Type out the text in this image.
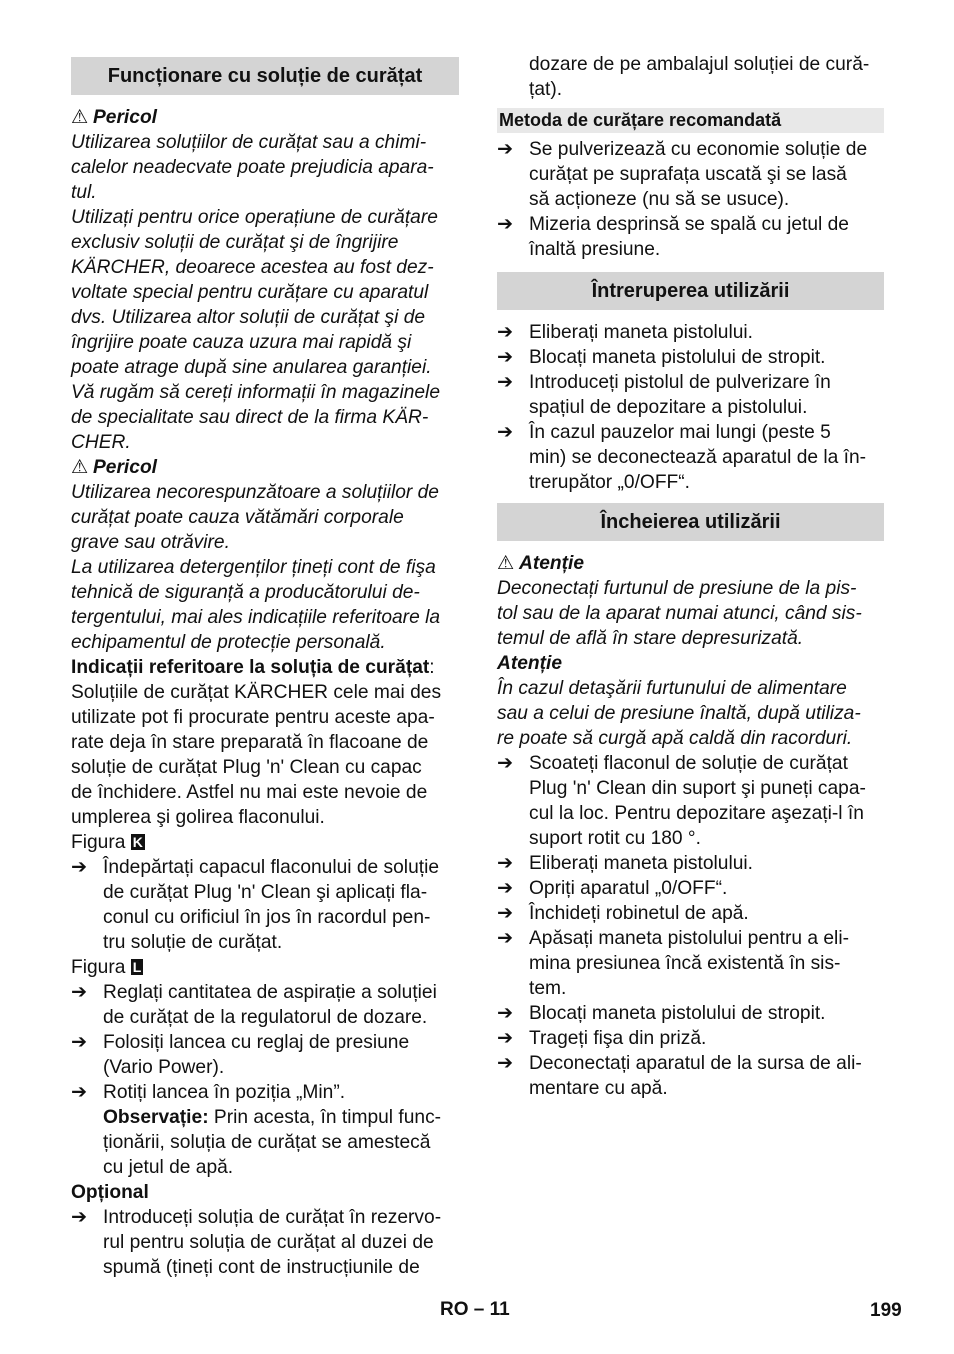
Funcționare cu soluție de curățat
⚠ Pericol
Utilizarea soluțiilor de curățat sau a chimi-
calelor neadecvate poate prejudicia apara-
tul.
Utilizați pentru orice operațiune de curățare
exclusiv soluții de curățat şi de îngrijire
KÄRCHER, deoarece acestea au fost dez-
voltate special pentru curățare cu aparatul
dvs. Utilizarea altor soluții de curățat şi de
îngrijire poate cauza uzura mai rapidă şi
poate atrage după sine anularea garanției.
Vă rugăm să cereți informații în magazinele
de specialitate sau direct de la firma KÄR-
CHER.
⚠ Pericol
Utilizarea necorespunzătoare a soluțiilor de
curățat poate cauza vătămări corporale
grave sau otrăvire.
La utilizarea detergenților țineți cont de fişa
tehnică de siguranță a producătorului de-
tergentului, mai ales indicațiile referitoare la
echipamentul de protecție personală.

Indicații referitoare la soluția de curățat:

Soluțiile de curățat KÄRCHER cele mai des
utilizate pot fi procurate pentru aceste apa-
rate deja în stare preparată în flacoane de
soluție de curățat Plug 'n' Clean cu capac
de închidere. Astfel nu mai este nevoie de
umplerea şi golirea flaconului.

Figura K

➔ Îndepărtați capacul flaconului de soluție
de curățat Plug 'n' Clean şi aplicați fla-
conul cu orificiul în jos în racordul pen-
tru soluție de curățat.

Figura L

➔ Reglați cantitatea de aspirație a soluției
de curățat de la regulatorul de dozare.
➔ Folosiți lancea cu reglaj de presiune
(Vario Power).
➔ Rotiți lancea în poziția „Min”.
Observație: Prin acesta, în timpul func-
ționării, soluția de curățat se amestecă
cu jetul de apă.

Opțional

➔ Introduceți soluția de curățat în rezervo-
rul pentru soluția de curățat al duzei de
spumă (țineți cont de instrucțiunile de
dozare de pe ambalajul soluției de cură-
țat).
Metoda de curățare recomandată
➔ Se pulverizează cu economie soluție de
curățat pe suprafața uscată şi se lasă
să acționeze (nu să se usuce).
➔ Mizeria desprinsă se spală cu jetul de
înaltă presiune.
Întreruperea utilizării
➔ Eliberați maneta pistolului.
➔ Blocați maneta pistolului de stropit.
➔ Introduceți pistolul de pulverizare în
spațiul de depozitare a pistolului.
➔ În cazul pauzelor mai lungi (peste 5
min) se deconectează aparatul de la în-
trerupător „0/OFF“.
Încheierea utilizării
⚠ Atenție
Deconectați furtunul de presiune de la pis-
tol sau de la aparat numai atunci, când sis-
temul de află în stare depresurizată.
Atenție
În cazul detaşării furtunului de alimentare
sau a celui de presiune înaltă, după utiliza-
re poate să curgă apă caldă din racorduri.
➔ Scoateți flaconul de soluție de curățat
Plug 'n' Clean din suport şi puneți capa-
cul la loc. Pentru depozitare aşezați-l în
suport rotit cu 180 °.
➔ Eliberați maneta pistolului.
➔ Opriți aparatul „0/OFF“.
➔ Închideți robinetul de apă.
➔ Apăsați maneta pistolului pentru a eli-
mina presiunea încă existentă în sis-
tem.
➔ Blocați maneta pistolului de stropit.
➔ Trageți fişa din priză.
➔ Deconectați aparatul de la sursa de ali-
mentare cu apă.
RO – 11	199
